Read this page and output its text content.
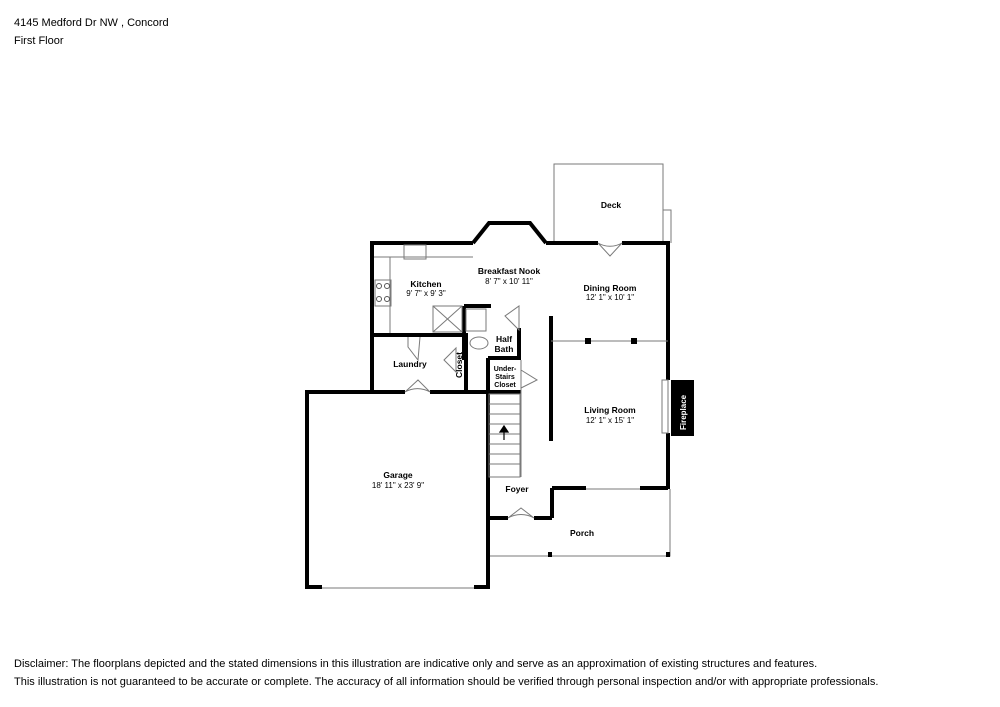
4145 Medford Dr NW , Concord
First Floor
Fireplace
Deck
Breakfast Nook
8' 7" x 10' 11"
Kitchen
9' 7" x 9' 3"
Dining Room
12' 1" x 10' 1"
Half
Bath
Laundry	Closet	Under-
Stairs
Closet
Living Room
12' 1" x 15' 1"
Garage
18' 11" x 23' 9"	Foyer
Porch
Disclaimer: The floorplans depicted and the stated dimensions in this illustration are indicative only and serve as an approximation of existing structures and features.
This illustration is not guaranteed to be accurate or complete. The accuracy of all information should be verified through personal inspection and/or with appropriate professionals.
